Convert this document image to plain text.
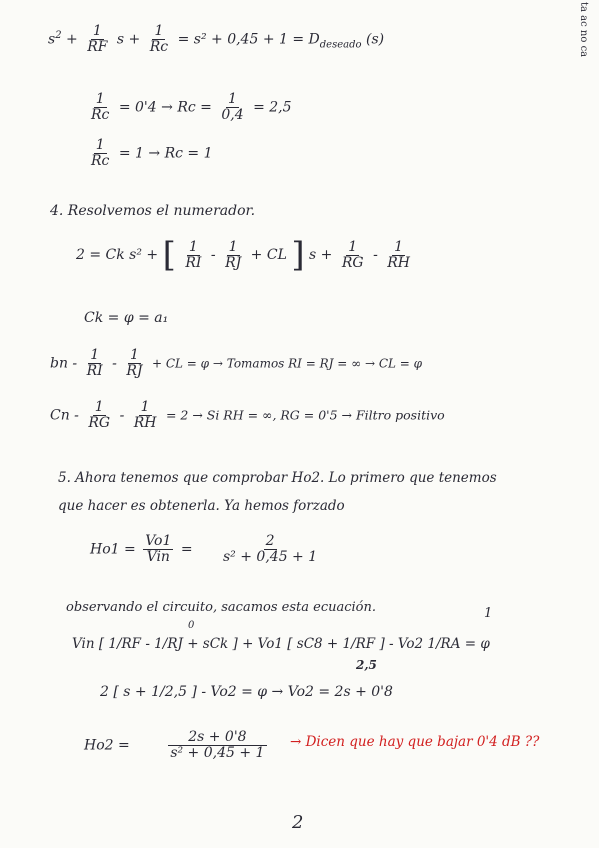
ta ac no ca
$s^2 + \frac{1}{RF}$ $s + \frac{1}{Rc} = s^2 + 0,45 + 1 = D_{deseado}$ (s)
$\frac{1}{Rc} = 0'4 \to Rc = \frac{1}{0,4} = 2,5$
$\frac{1}{Rc} = 1 \to Rc = 1$
4. Resolvemos el numerador.
2 = Ck s² + [ $\frac{1}{RI} - \frac{1}{RJ}$ + CL ] $s + \frac{1}{RG} - \frac{1}{RH}$
Ck = φ = a₁
bn - $\frac{1}{RI} - \frac{1}{RJ}$ + CL = φ → Tomamos RI = RJ = ∞ → CL = φ
$Cn - \frac{1}{RG} - \frac{1}{RH} = 2 \to Si$ RH = ∞, RG = 0'5 → Filtro positivo
5. Ahora tenemos que comprobar Ho2. Lo primero que tenemos
que hacer es obtenerla. Ya hemos forzado
$Ho1 = \frac{Vo1}{\text{Vin}} = \frac{2}{\text{s² + 0,45 + 1}}$
observando el circuito, sacamos esta ecuación.
Vin [ 1/RF - 1/RJ + sCk ] + Vo1 [ sC8 + 1/RF ] - Vo2 1/RA = φ
0
1
2,5
2 [ s + 1/2,5 ] - Vo2 = φ → Vo2 = 2s + 0'8
Ho2 =	$\frac{2s + 0'8}{\text{s² + 0,45 + 1}}$ → Dicen que hay que bajar 0'4 dB ??
2
